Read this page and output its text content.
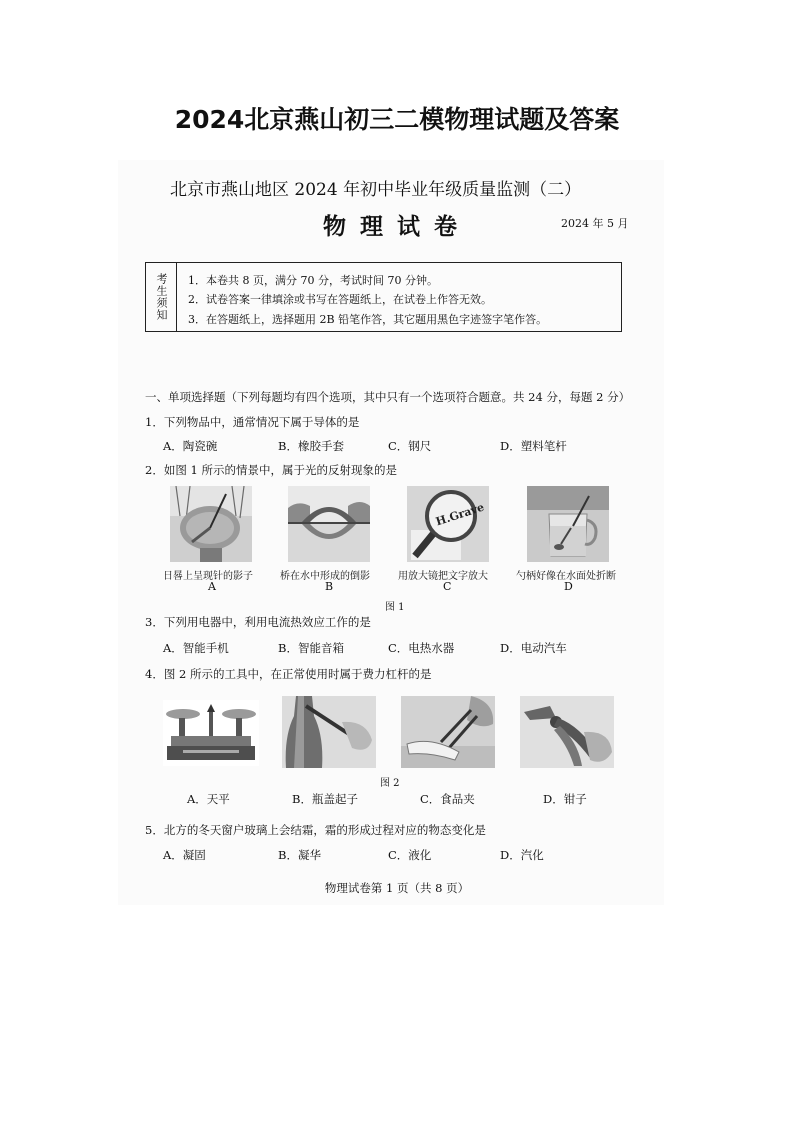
2024北京燕山初三二模物理试题及答案
北京市燕山地区 2024 年初中毕业年级质量监测（二）
物理试卷	2024 年 5 月
考生须知 1．本卷共 8 页，满分 70 分，考试时间 70 分钟。
2．试卷答案一律填涂或书写在答题纸上，在试卷上作答无效。
3．在答题纸上，选择题用 2B 铅笔作答，其它题用黑色字迹签字笔作答。
一、单项选择题（下列每题均有四个选项，其中只有一个选项符合题意。共 24 分，每题 2 分）
1．下列物品中，通常情况下属于导体的是
A．陶瓷碗	B．橡胶手套	C．钢尺	D．塑料笔杆
2．如图 1 所示的情景中，属于光的反射现象的是
H.Grave
日晷上呈现针的影子	桥在水中形成的倒影	用放大镜把文字放大	勺柄好像在水面处折断
A	B	C	D
图 1
3．下列用电器中，利用电流热效应工作的是
A．智能手机	B．智能音箱	C．电热水器	D．电动汽车
4．图 2 所示的工具中，在正常使用时属于费力杠杆的是
图 2
A．天平	B．瓶盖起子	C．食品夹	D．钳子
5．北方的冬天窗户玻璃上会结霜，霜的形成过程对应的物态变化是
A．凝固	B．凝华	C．液化	D．汽化
物理试卷第 1 页（共 8 页）
